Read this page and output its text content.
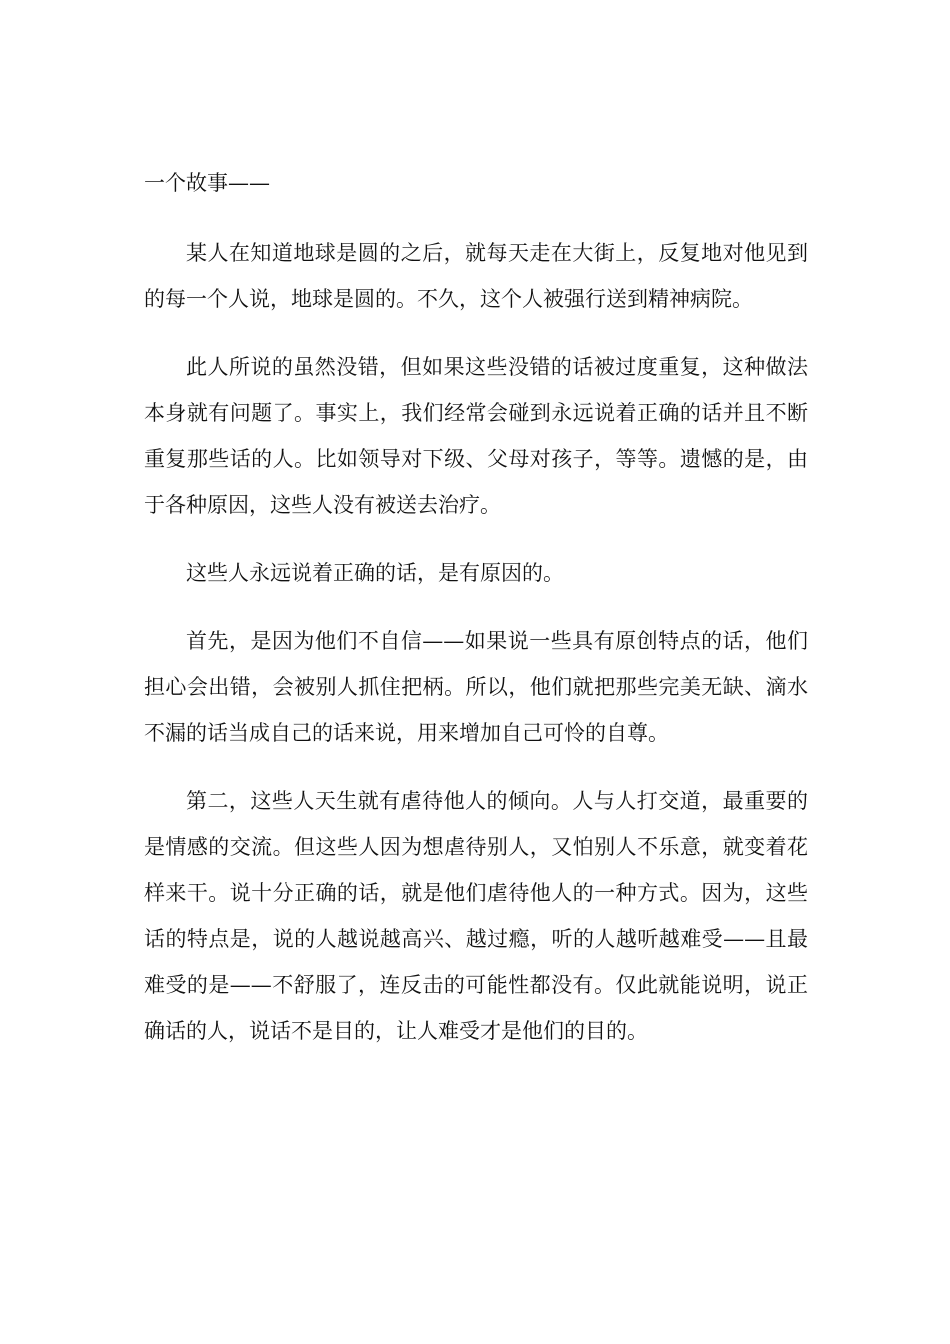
一个故事——

某人在知道地球是圆的之后，就每天走在大街上，反复地对他见到的每一个人说，地球是圆的。不久，这个人被强行送到精神病院。

此人所说的虽然没错，但如果这些没错的话被过度重复，这种做法本身就有问题了。事实上，我们经常会碰到永远说着正确的话并且不断重复那些话的人。比如领导对下级、父母对孩子，等等。遗憾的是，由于各种原因，这些人没有被送去治疗。

这些人永远说着正确的话，是有原因的。

首先，是因为他们不自信——如果说一些具有原创特点的话，他们担心会出错，会被别人抓住把柄。所以，他们就把那些完美无缺、滴水不漏的话当成自己的话来说，用来增加自己可怜的自尊。

第二，这些人天生就有虐待他人的倾向。人与人打交道，最重要的是情感的交流。但这些人因为想虐待别人，又怕别人不乐意，就变着花样来干。说十分正确的话，就是他们虐待他人的一种方式。因为，这些话的特点是，说的人越说越高兴、越过瘾，听的人越听越难受——且最难受的是——不舒服了，连反击的可能性都没有。仅此就能说明，说正确话的人，说话不是目的，让人难受才是他们的目的。
